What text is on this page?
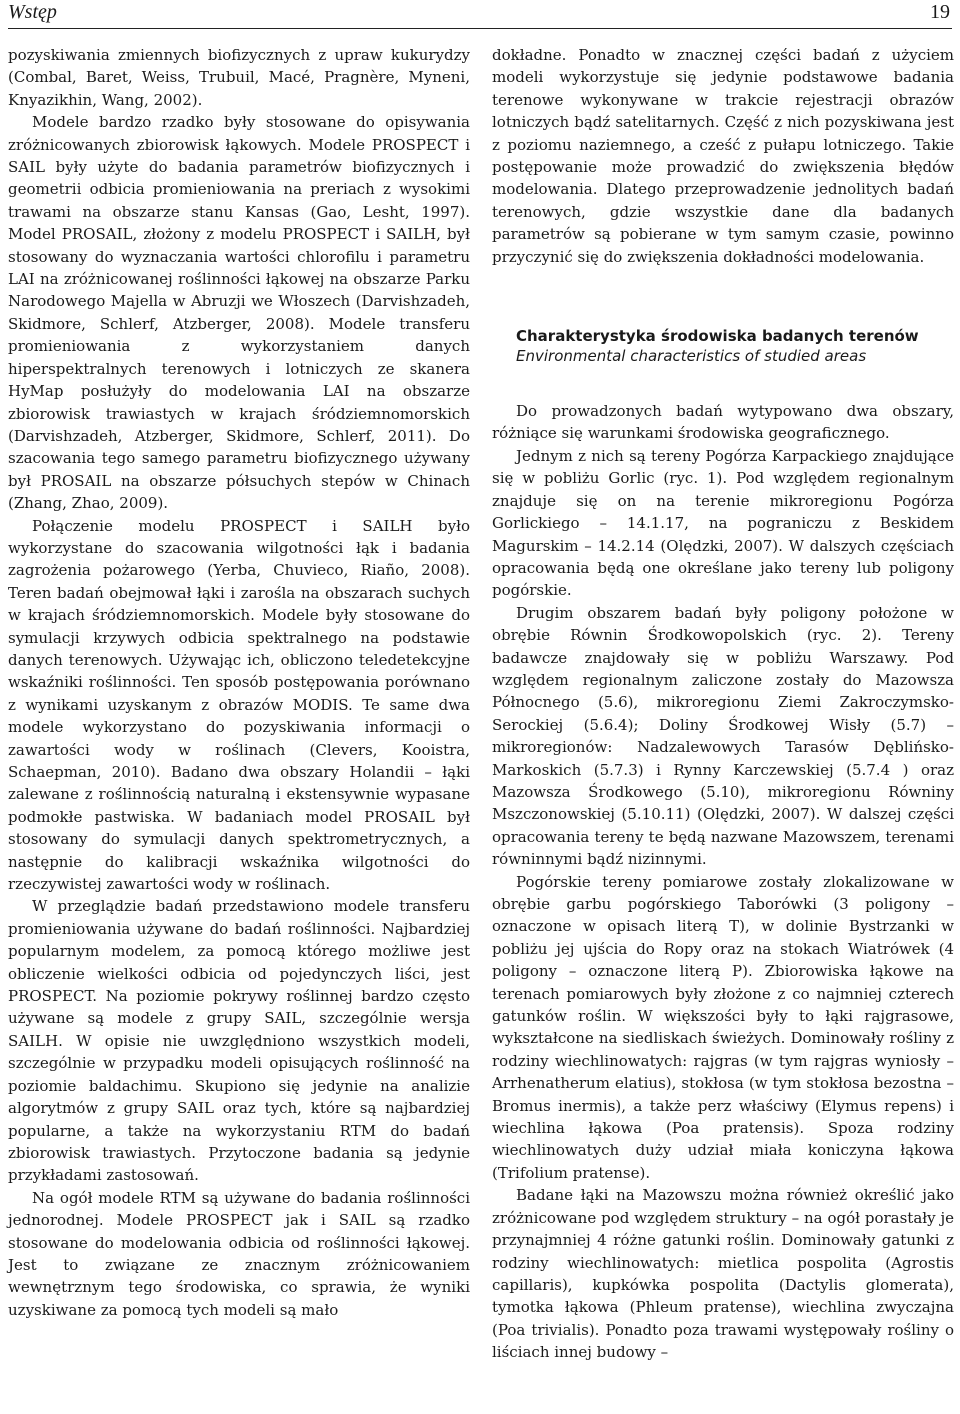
Wstęp	19

pozyskiwania zmiennych biofizycznych z upraw kukurydzy (Combal, Baret, Weiss, Trubuil, Macé, Pragnère, Myneni, Knyazikhin, Wang, 2002).

Modele bardzo rzadko były stosowane do opisywania zróżnicowanych zbiorowisk łąkowych. Modele PROSPECT i SAIL były użyte do badania parametrów biofizycznych i geometrii odbicia promieniowania na preriach z wysokimi trawami na obszarze stanu Kansas (Gao, Lesht, 1997). Model PROSAIL, złożony z modelu PROSPECT i SAILH, był stosowany do wyznaczania wartości chlorofilu i parametru LAI na zróżnicowanej roślinności łąkowej na obszarze Parku Narodowego Majella w Abruzji we Włoszech (Darvishzadeh, Skidmore, Schlerf, Atzberger, 2008). Modele transferu promieniowania z wykorzystaniem danych hiperspektralnych terenowych i lotniczych ze skanera HyMap posłużyły do modelowania LAI na obszarze zbiorowisk trawiastych w krajach śródziemnomorskich (Darvishzadeh, Atzberger, Skidmore, Schlerf, 2011). Do szacowania tego samego parametru biofizycznego używany był PROSAIL na obszarze półsuchych stepów w Chinach (Zhang, Zhao, 2009).

Połączenie modelu PROSPECT i SAILH było wykorzystane do szacowania wilgotności łąk i badania zagrożenia pożarowego (Yerba, Chuvieco, Riaño, 2008). Teren badań obejmował łąki i zarośla na obszarach suchych w krajach śródziemnomorskich. Modele były stosowane do symulacji krzywych odbicia spektralnego na podstawie danych terenowych. Używając ich, obliczono teledetekcyjne wskaźniki roślinności. Ten sposób postępowania porównano z wynikami uzyskanym z obrazów MODIS. Te same dwa modele wykorzystano do pozyskiwania informacji o zawartości wody w roślinach (Clevers, Kooistra, Schaepman, 2010). Badano dwa obszary Holandii – łąki zalewane z roślinnością naturalną i ekstensywnie wypasane podmokłe pastwiska. W badaniach model PROSAIL był stosowany do symulacji danych spektrometrycznych, a następnie do kalibracji wskaźnika wilgotności do rzeczywistej zawartości wody w roślinach.

W przeglądzie badań przedstawiono modele transferu promieniowania używane do badań roślinności. Najbardziej popularnym modelem, za pomocą którego możliwe jest obliczenie wielkości odbicia od pojedynczych liści, jest PROSPECT. Na poziomie pokrywy roślinnej bardzo często używane są modele z grupy SAIL, szczególnie wersja SAILH. W opisie nie uwzględniono wszystkich modeli, szczególnie w przypadku modeli opisujących roślinność na poziomie baldachimu. Skupiono się jedynie na analizie algorytmów z grupy SAIL oraz tych, które są najbardziej popularne, a także na wykorzystaniu RTM do badań zbiorowisk trawiastych. Przytoczone badania są jedynie przykładami zastosowań.

Na ogół modele RTM są używane do badania roślinności jednorodnej. Modele PROSPECT jak i SAIL są rzadko stosowane do modelowania odbicia od roślinności łąkowej. Jest to związane ze znacznym zróżnicowaniem wewnętrznym tego środowiska, co sprawia, że wyniki uzyskiwane za pomocą tych modeli są mało

dokładne. Ponadto w znacznej części badań z użyciem modeli wykorzystuje się jedynie podstawowe badania terenowe wykonywane w trakcie rejestracji obrazów lotniczych bądź satelitarnych. Część z nich pozyskiwana jest z poziomu naziemnego, a cześć z pułapu lotniczego. Takie postępowanie może prowadzić do zwiększenia błędów modelowania. Dlatego przeprowadzenie jednolitych badań terenowych, gdzie wszystkie dane dla badanych parametrów są pobierane w tym samym czasie, powinno przyczynić się do zwiększenia dokładności modelowania.

Charakterystyka środowiska badanych terenów

Environmental characteristics of studied areas

Do prowadzonych badań wytypowano dwa obszary, różniące się warunkami środowiska geograficznego.

Jednym z nich są tereny Pogórza Karpackiego znajdujące się w pobliżu Gorlic (ryc. 1). Pod względem regionalnym znajduje się on na terenie mikroregionu Pogórza Gorlickiego – 14.1.17, na pograniczu z Beskidem Magurskim – 14.2.14 (Olędzki, 2007). W dalszych częściach opracowania będą one określane jako tereny lub poligony pogórskie.

Drugim obszarem badań były poligony położone w obrębie Równin Środkowopolskich (ryc. 2). Tereny badawcze znajdowały się w pobliżu Warszawy. Pod względem regionalnym zaliczone zostały do Mazowsza Północnego (5.6), mikroregionu Ziemi Zakroczymsko-Serockiej (5.6.4); Doliny Środkowej Wisły (5.7) – mikroregionów: Nadzalewowych Tarasów Dęblińsko-Markoskich (5.7.3) i Rynny Karczewskiej (5.7.4 ) oraz Mazowsza Środkowego (5.10), mikroregionu Równiny Mszczonowskiej (5.10.11) (Olędzki, 2007). W dalszej części opracowania tereny te będą nazwane Mazowszem, terenami równinnymi bądź nizinnymi.

Pogórskie tereny pomiarowe zostały zlokalizowane w obrębie garbu pogórskiego Taborówki (3 poligony – oznaczone w opisach literą T), w dolinie Bystrzanki w pobliżu jej ujścia do Ropy oraz na stokach Wiatrówek (4 poligony – oznaczone literą P). Zbiorowiska łąkowe na terenach pomiarowych były złożone z co najmniej czterech gatunków roślin. W większości były to łąki rajgrasowe, wykształcone na siedliskach świeżych. Dominowały rośliny z rodziny wiechlinowatych: rajgras (w tym rajgras wyniosły – Arrhenatherum elatius), stokłosa (w tym stokłosa bezostna – Bromus inermis), a także perz właściwy (Elymus repens) i wiechlina łąkowa (Poa pratensis). Spoza rodziny wiechlinowatych duży udział miała koniczyna łąkowa (Trifolium pratense).

Badane łąki na Mazowszu można również określić jako zróżnicowane pod względem struktury – na ogół porastały je przynajmniej 4 różne gatunki roślin. Dominowały gatunki z rodziny wiechlinowatych: mietlica pospolita (Agrostis capillaris), kupkówka pospolita (Dactylis glomerata), tymotka łąkowa (Phleum pratense), wiechlina zwyczajna (Poa trivialis). Ponadto poza trawami występowały rośliny o liściach innej budowy –
